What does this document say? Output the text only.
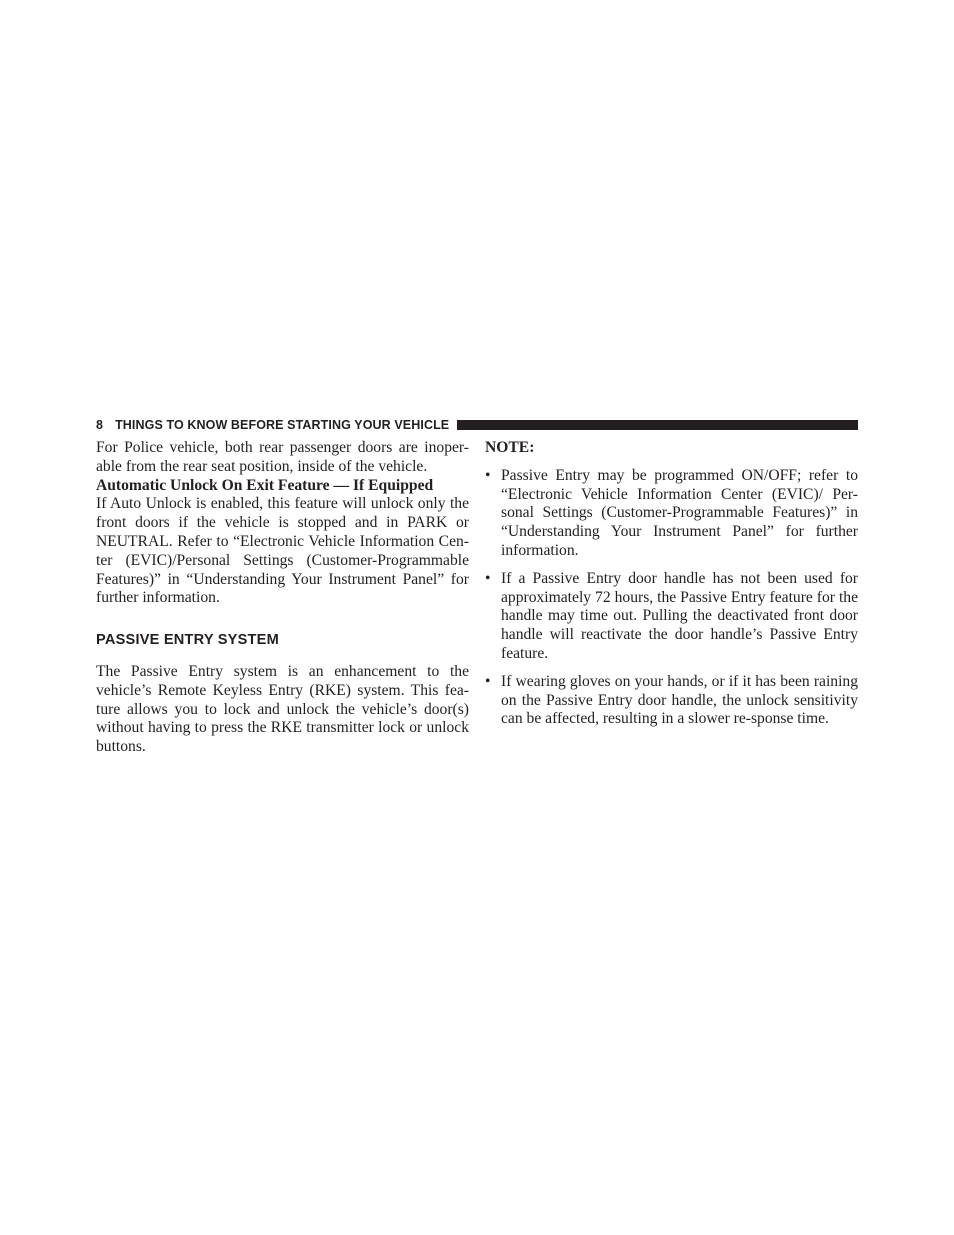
8 THINGS TO KNOW BEFORE STARTING YOUR VEHICLE

For Police vehicle, both rear passenger doors are inoper-able from the rear seat position, inside of the vehicle.

Automatic Unlock On Exit Feature — If Equipped

If Auto Unlock is enabled, this feature will unlock only the front doors if the vehicle is stopped and in PARK or NEUTRAL. Refer to “Electronic Vehicle Information Cen-ter (EVIC)/Personal Settings (Customer-Programmable Features)” in “Understanding Your Instrument Panel” for further information.

PASSIVE ENTRY SYSTEM

The Passive Entry system is an enhancement to the vehicle’s Remote Keyless Entry (RKE) system. This fea-ture allows you to lock and unlock the vehicle’s door(s) without having to press the RKE transmitter lock or unlock buttons.

NOTE:
• Passive Entry may be programmed ON/OFF; refer to “Electronic Vehicle Information Center (EVIC)/ Per-sonal Settings (Customer-Programmable Features)” in “Understanding Your Instrument Panel” for further information.

• If a Passive Entry door handle has not been used for approximately 72 hours, the Passive Entry feature for the handle may time out. Pulling the deactivated front door handle will reactivate the door handle’s Passive Entry feature.

• If wearing gloves on your hands, or if it has been raining on the Passive Entry door handle, the unlock sensitivity can be affected, resulting in a slower re-sponse time.
